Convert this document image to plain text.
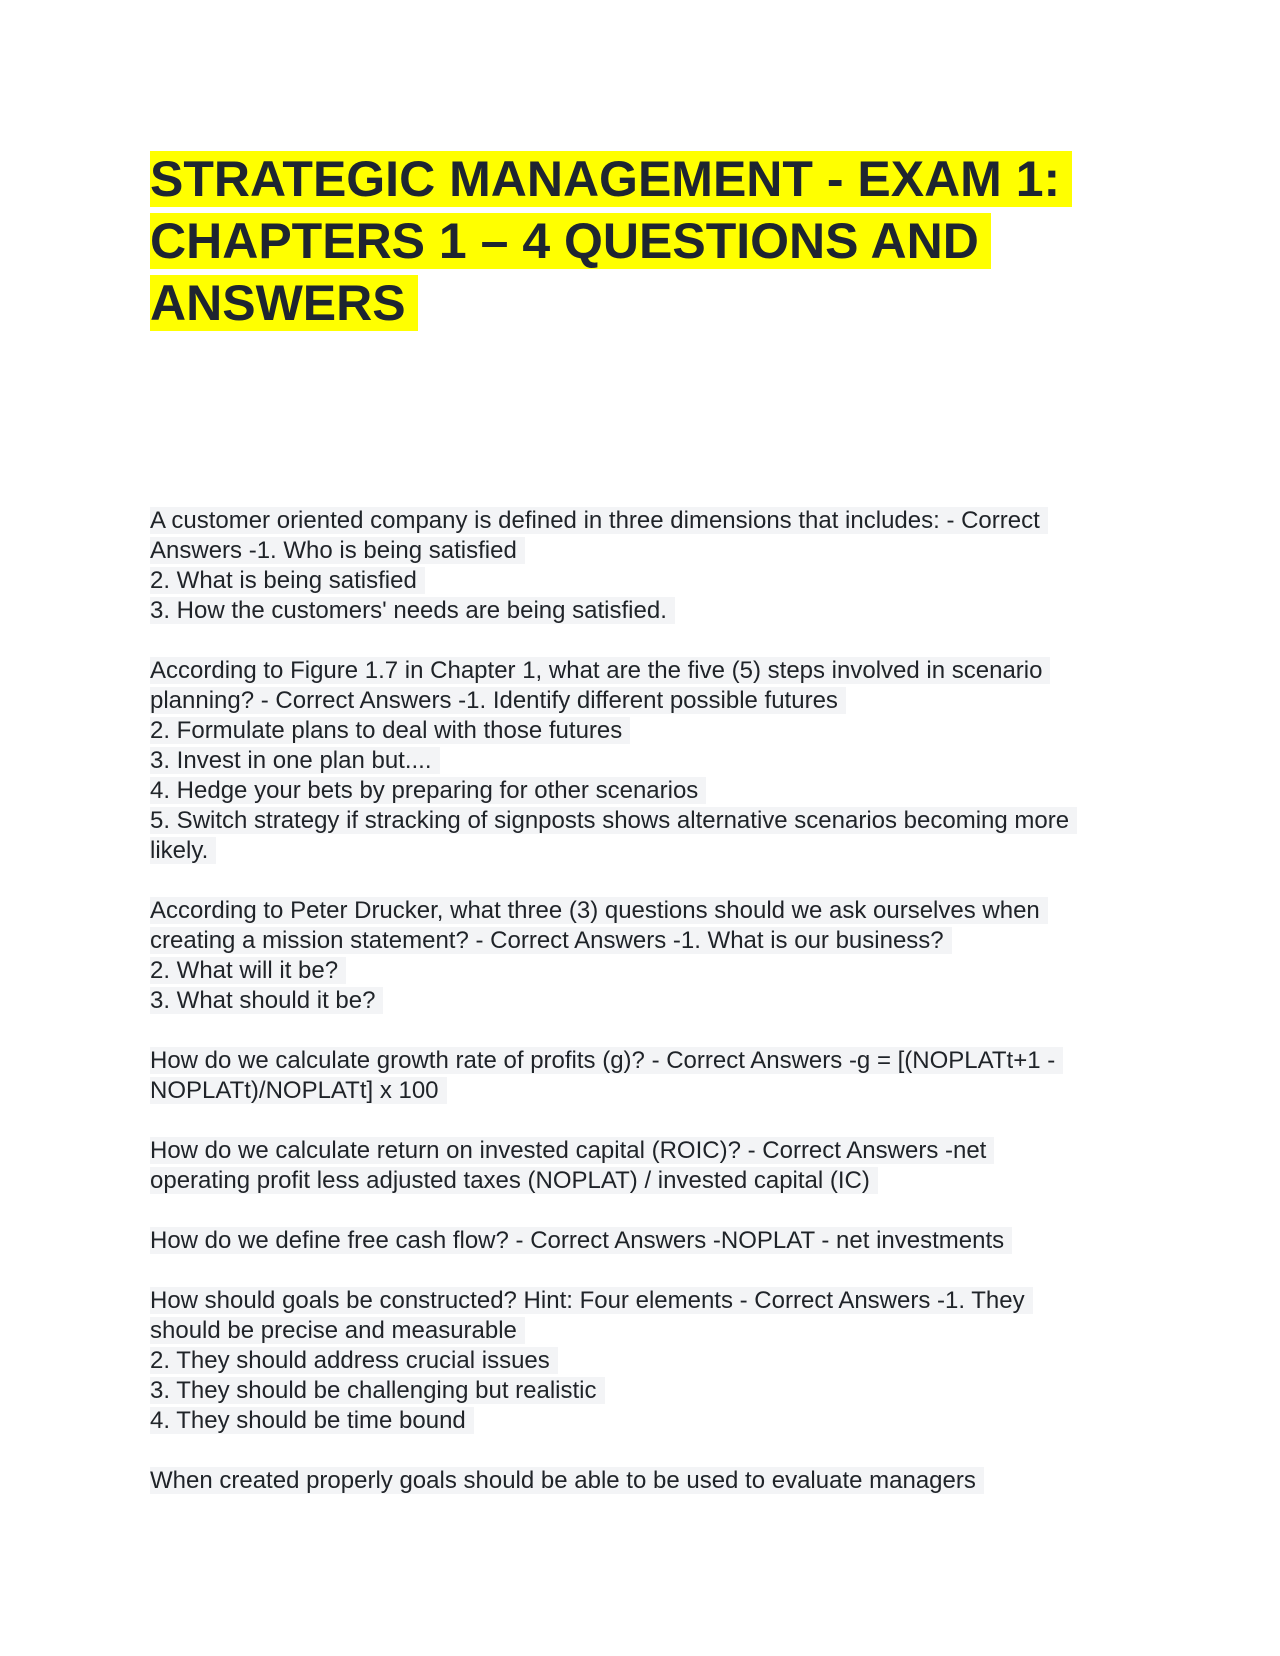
STRATEGIC MANAGEMENT - EXAM 1:
CHAPTERS 1 – 4 QUESTIONS AND
ANSWERS
A customer oriented company is defined in three dimensions that includes: - Correct
Answers -1. Who is being satisfied
2. What is being satisfied
3. How the customers' needs are being satisfied.
According to Figure 1.7 in Chapter 1, what are the five (5) steps involved in scenario
planning? - Correct Answers -1. Identify different possible futures
2. Formulate plans to deal with those futures
3. Invest in one plan but....
4. Hedge your bets by preparing for other scenarios
5. Switch strategy if stracking of signposts shows alternative scenarios becoming more
likely.
According to Peter Drucker, what three (3) questions should we ask ourselves when
creating a mission statement? - Correct Answers -1. What is our business?
2. What will it be?
3. What should it be?
How do we calculate growth rate of profits (g)? - Correct Answers -g = [(NOPLATt+1 -
NOPLATt)/NOPLATt] x 100
How do we calculate return on invested capital (ROIC)? - Correct Answers -net
operating profit less adjusted taxes (NOPLAT) / invested capital (IC)
How do we define free cash flow? - Correct Answers -NOPLAT - net investments
How should goals be constructed? Hint: Four elements - Correct Answers -1. They
should be precise and measurable
2. They should address crucial issues
3. They should be challenging but realistic
4. They should be time bound
When created properly goals should be able to be used to evaluate managers
